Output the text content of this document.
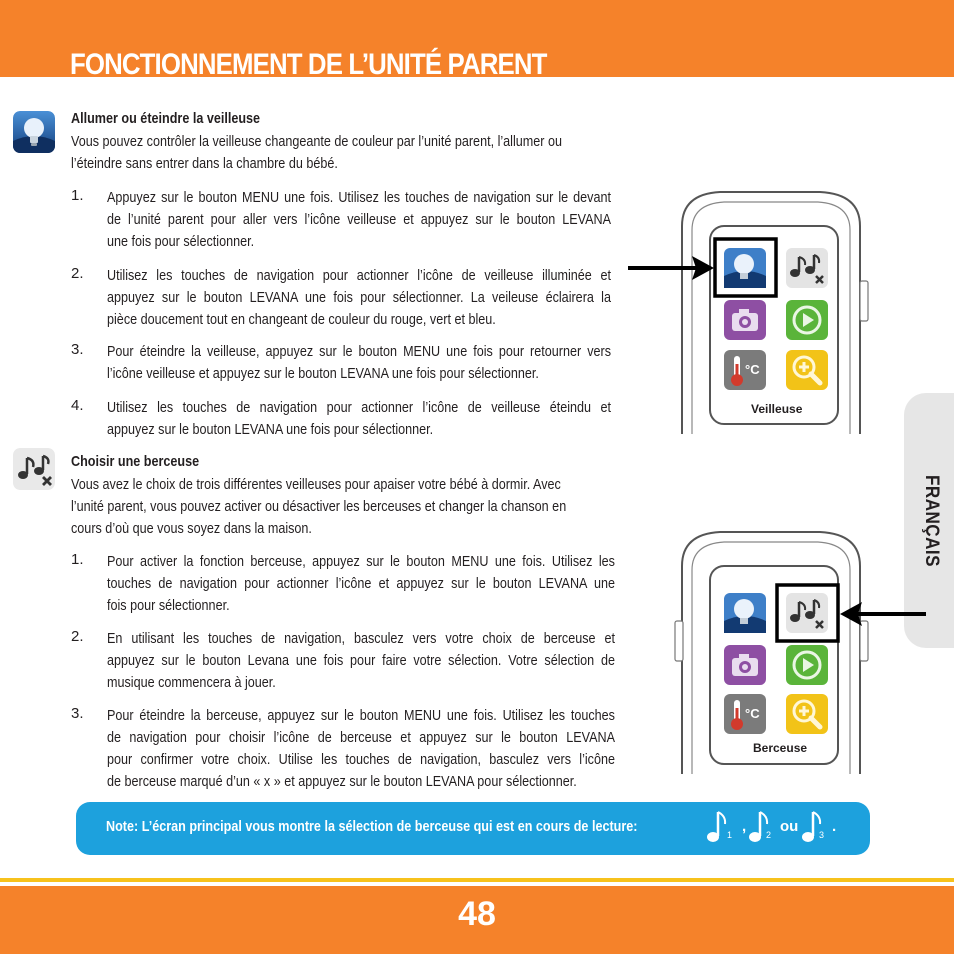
FONCTIONNEMENT DE L’UNITÉ PARENT
FRANÇAIS
Allumer ou éteindre la veilleuse
Vous pouvez contrôler la veilleuse changeante de couleur par l’unité parent, l’allumer ou
l’éteindre sans entrer dans la chambre du bébé.
1. Appuyez sur le bouton MENU une fois. Utilisez les touches de navigation sur le devant
de l’unité parent pour aller vers l’icône veilleuse et appuyez sur le bouton LEVANA
une fois pour sélectionner.
2. Utilisez les touches de navigation pour actionner l’icône de veilleuse illuminée et
appuyez sur le bouton LEVANA une fois pour sélectionner. La veileuse éclairera la
pièce doucement tout en changeant de couleur du rouge, vert et bleu.
3. Pour éteindre la veilleuse, appuyez sur le bouton MENU une fois pour retourner vers
l’icône veilleuse et appuyez sur le bouton LEVANA une fois pour sélectionner.
4. Utilisez les touches de navigation pour actionner l’icône de veilleuse éteindu et
appuyez sur le bouton LEVANA une fois pour sélectionner.
Choisir une berceuse
Vous avez le choix de trois différentes veilleuses pour apaiser votre bébé à dormir. Avec
l’unité parent, vous pouvez activer ou désactiver les berceuses et changer la chanson en
cours d’où que vous soyez dans la maison.
1. Pour activer la fonction berceuse, appuyez sur le bouton MENU une fois. Utilisez les
touches de navigation pour actionner l’icône et appuyez sur le bouton LEVANA une
fois pour sélectionner.
2. En utilisant les touches de navigation, basculez vers votre choix de berceuse et
appuyez sur le bouton Levana une fois pour faire votre sélection. Votre sélection de
musique commencera à jouer.
3. Pour éteindre la berceuse, appuyez sur le bouton MENU une fois. Utilisez les touches
de navigation pour choisir l’icône de berceuse et appuyez sur le bouton LEVANA
pour confirmer votre choix. Utilise les touches de navigation, basculez vers l’icône
de berceuse marqué d’un « x » et appuyez sur le bouton LEVANA pour sélectionner.
°C
Veilleuse
°C
Berceuse
Note: L’écran principal vous montre la sélection de berceuse qui est en cours de lecture:	1 , 2 ou 3 .
48
